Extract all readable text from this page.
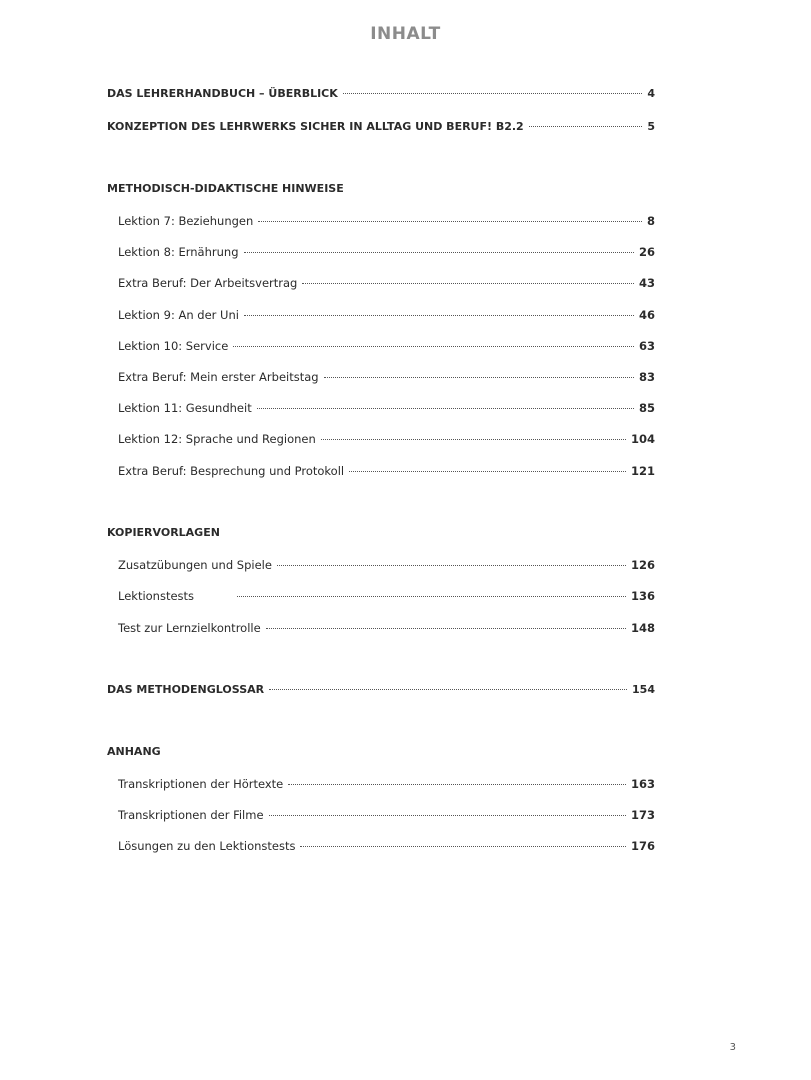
INHALT
DAS LEHRERHANDBUCH – ÜBERBLICK	4
KONZEPTION DES LEHRWERKS SICHER IN ALLTAG UND BERUF! B2.2	5
METHODISCH-DIDAKTISCHE HINWEISE
Lektion 7: Beziehungen	8
Lektion 8: Ernährung	26
Extra Beruf: Der Arbeitsvertrag	43
Lektion 9: An der Uni	46
Lektion 10: Service	63
Extra Beruf: Mein erster Arbeitstag	83
Lektion 11: Gesundheit	85
Lektion 12: Sprache und Regionen	104
Extra Beruf: Besprechung und Protokoll	121
KOPIERVORLAGEN
Zusatzübungen und Spiele	126
Lektionstests	136
Test zur Lernzielkontrolle	148
DAS METHODENGLOSSAR	154
ANHANG
Transkriptionen der Hörtexte	163
Transkriptionen der Filme	173
Lösungen zu den Lektionstests	176
3
